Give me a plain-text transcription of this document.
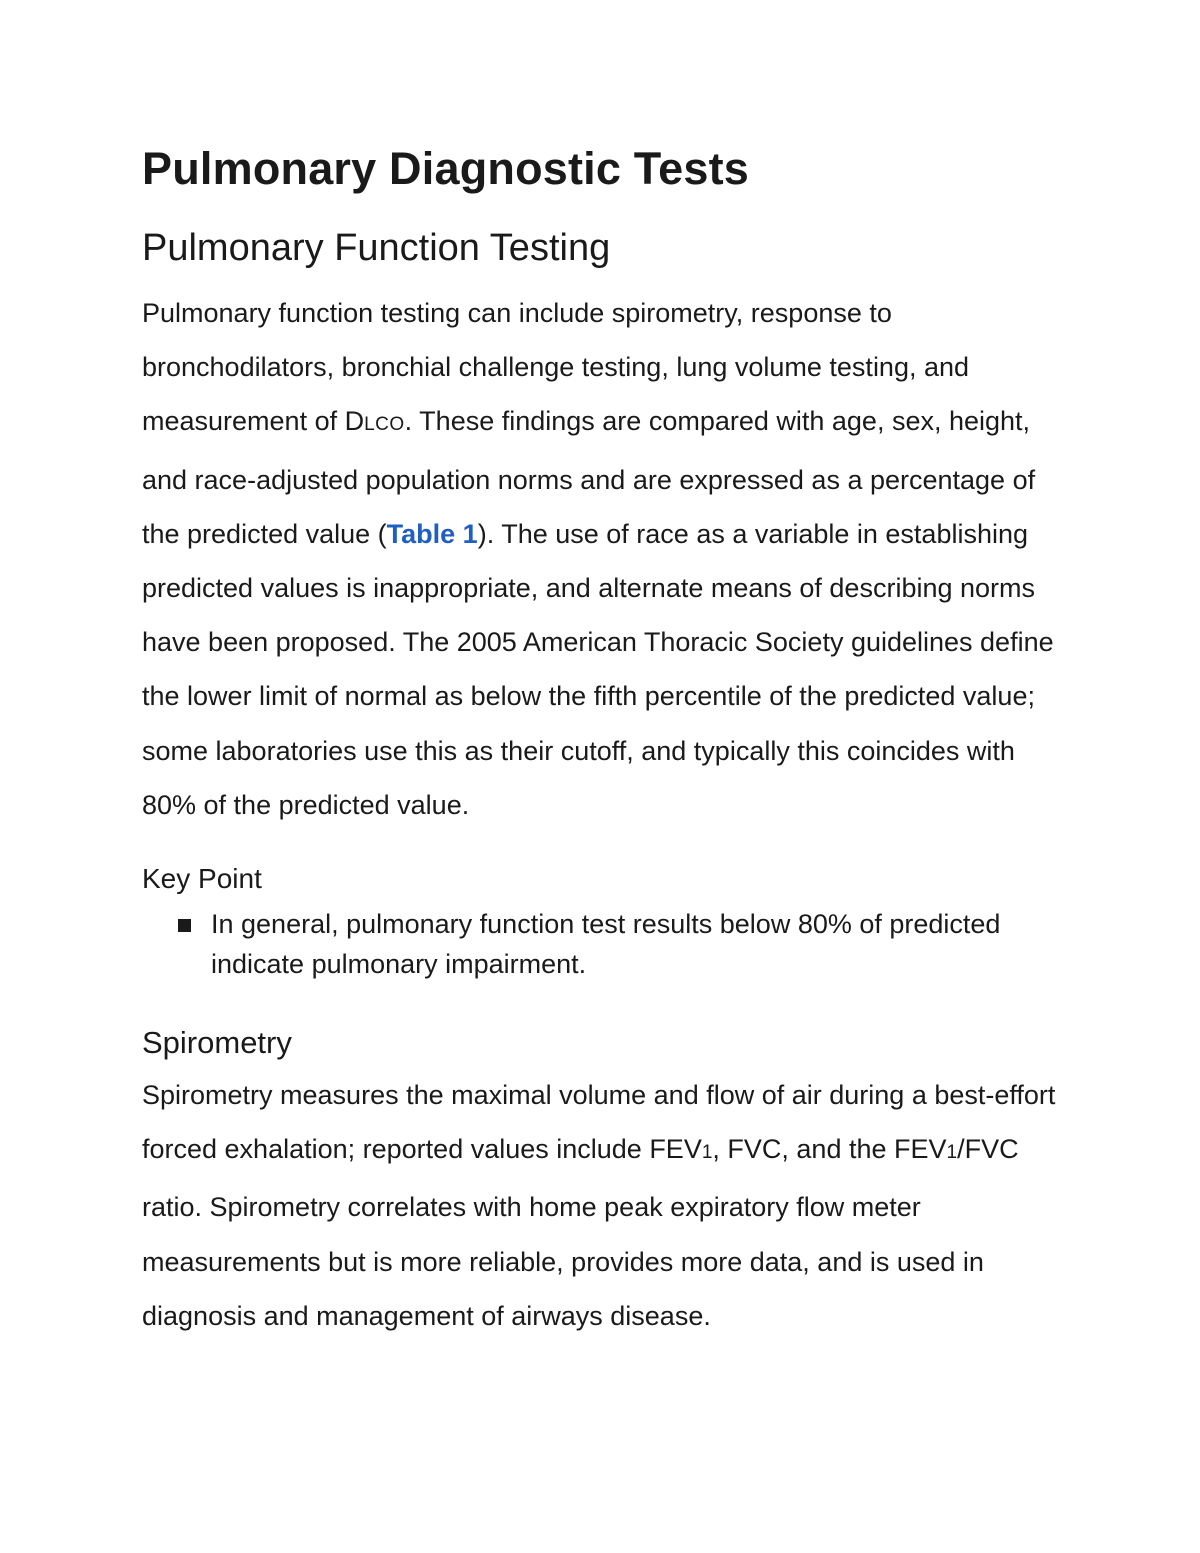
Pulmonary Diagnostic Tests
Pulmonary Function Testing

Pulmonary function testing can include spirometry, response to bronchodilators, bronchial challenge testing, lung volume testing, and measurement of DLCO. These findings are compared with age, sex, height, and race-adjusted population norms and are expressed as a percentage of the predicted value (Table 1). The use of race as a variable in establishing predicted values is inappropriate, and alternate means of describing norms have been proposed. The 2005 American Thoracic Society guidelines define the lower limit of normal as below the fifth percentile of the predicted value; some laboratories use this as their cutoff, and typically this coincides with 80% of the predicted value.

Key Point
In general, pulmonary function test results below 80% of predicted indicate pulmonary impairment.
Spirometry

Spirometry measures the maximal volume and flow of air during a best-effort forced exhalation; reported values include FEV1, FVC, and the FEV1/FVC ratio. Spirometry correlates with home peak expiratory flow meter measurements but is more reliable, provides more data, and is used in diagnosis and management of airways disease.
